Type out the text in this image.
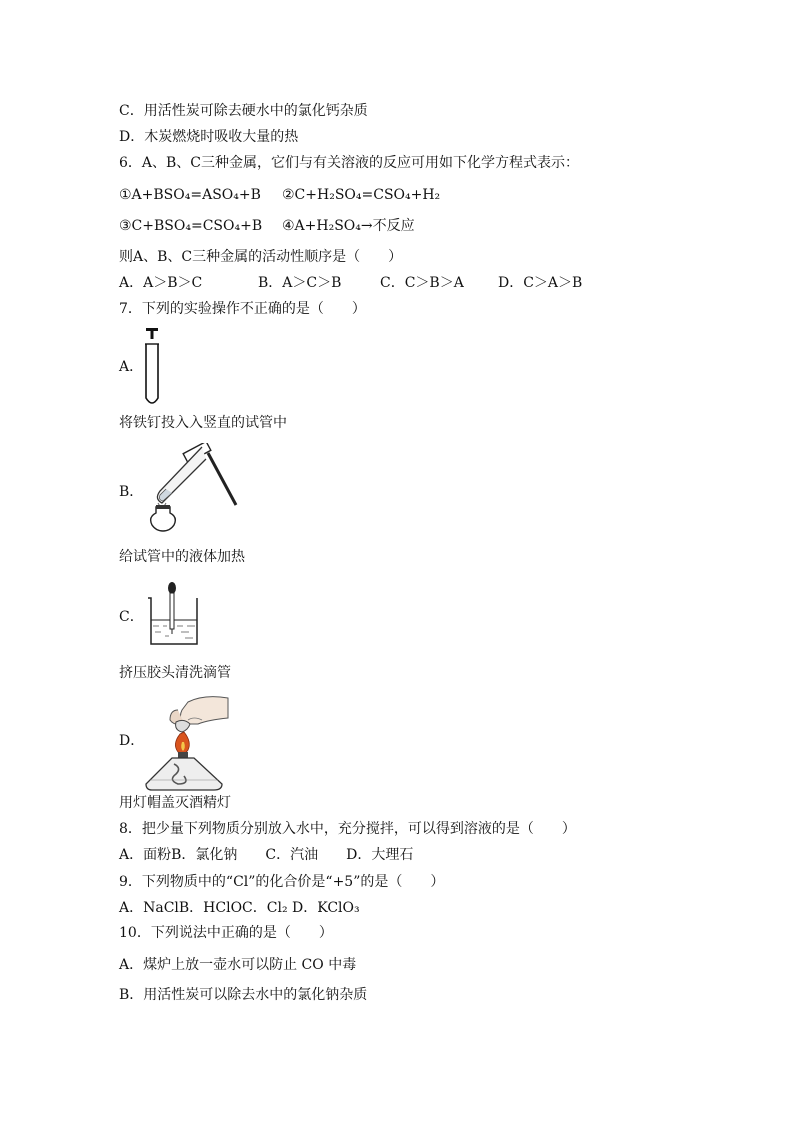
C．用活性炭可除去硬水中的氯化钙杂质
D．木炭燃烧时吸收大量的热
6．A、B、C三种金属，它们与有关溶液的反应可用如下化学方程式表示：
①A+BSO₄=ASO₄+B ②C+H₂SO₄=CSO₄+H₂
③C+BSO₄=CSO₄+B ④A+H₂SO₄→不反应
则A、B、C三种金属的活动性顺序是（　　）
A．A＞B＞C	B．A＞C＞B	C．C＞B＞A D．C＞A＞B
7．下列的实验操作不正确的是（　　）
A．
将铁钉投入入竖直的试管中
B．
给试管中的液体加热
C．
挤压胶头清洗滴管
D．
用灯帽盖灭酒精灯
8．把少量下列物质分别放入水中，充分搅拌，可以得到溶液的是（　　）
A．面粉B．氯化钠　　C．汽油　　D．大理石
9．下列物质中的“Cl”的化合价是“+5”的是（　　）
A．NaClB．HClOC．Cl₂ D．KClO₃
10．下列说法中正确的是（　　）
A．煤炉上放一壶水可以防止 CO 中毒
B．用活性炭可以除去水中的氯化钠杂质
